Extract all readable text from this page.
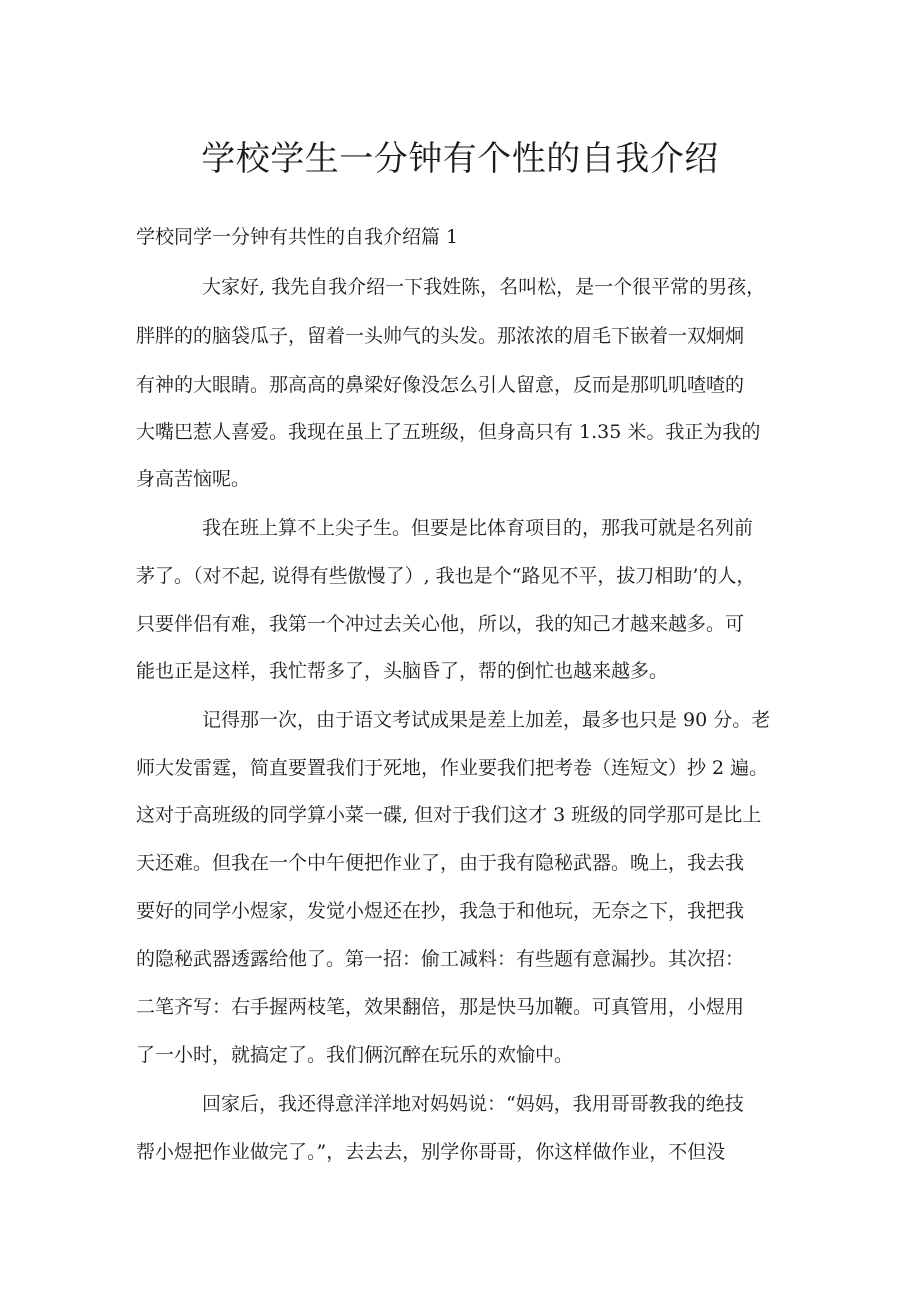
学校学生一分钟有个性的自我介绍

学校同学一分钟有共性的自我介绍篇 1

大家好, 我先自我介绍一下我姓陈，名叫松，是一个很平常的男孩，

胖胖的的脑袋瓜子，留着一头帅气的头发。那浓浓的眉毛下嵌着一双炯炯

有神的大眼睛。那高高的鼻梁好像没怎么引人留意，反而是那叽叽喳喳的

大嘴巴惹人喜爱。我现在虽上了五班级，但身高只有 1.35 米。我正为我的

身高苦恼呢。

我在班上算不上尖子生。但要是比体育项目的，那我可就是名列前

茅了。（对不起, 说得有些傲慢了）, 我也是个“路见不平，拔刀相助’的人，

只要伴侣有难，我第一个冲过去关心他，所以，我的知己才越来越多。可

能也正是这样，我忙帮多了，头脑昏了，帮的倒忙也越来越多。

记得那一次，由于语文考试成果是差上加差，最多也只是 90 分。老

师大发雷霆，简直要置我们于死地，作业要我们把考卷（连短文）抄 2 遍。

这对于高班级的同学算小菜一碟, 但对于我们这才 3 班级的同学那可是比上

天还难。但我在一个中午便把作业了，由于我有隐秘武器。晚上，我去我

要好的同学小煜家，发觉小煜还在抄，我急于和他玩，无奈之下，我把我

的隐秘武器透露给他了。第一招：偷工减料：有些题有意漏抄。其次招：

二笔齐写：右手握两枝笔，效果翻倍，那是快马加鞭。可真管用，小煜用

了一小时，就搞定了。我们俩沉醉在玩乐的欢愉中。

回家后，我还得意洋洋地对妈妈说：“妈妈，我用哥哥教我的绝技

帮小煜把作业做完了。”，去去去，别学你哥哥，你这样做作业，不但没
